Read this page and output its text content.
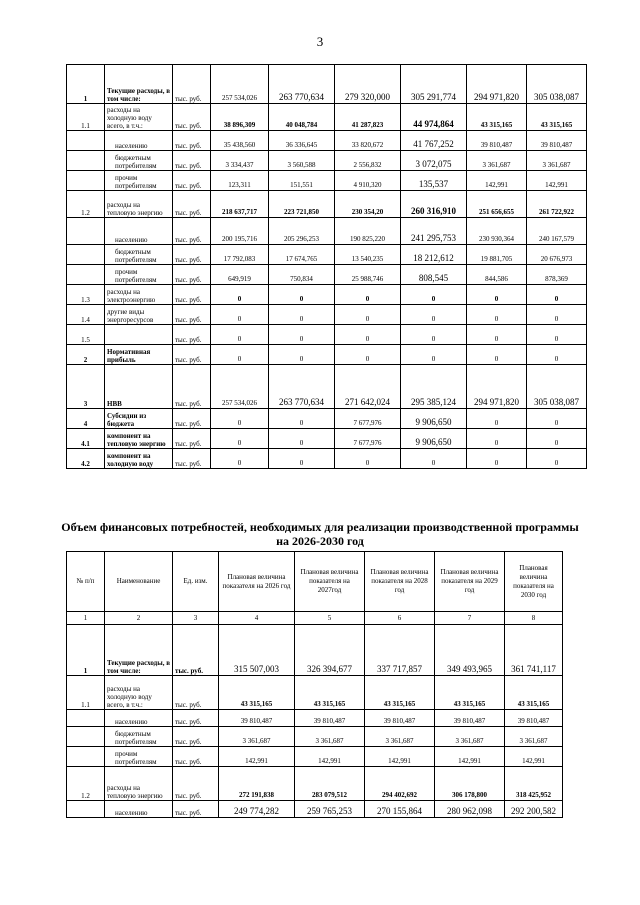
3
1	Текущие расходы, в том числе:	тыс. руб.	257 534,026	263 770,634	279 320,000	305 291,774	294 971,820	305 038,087
1.1	расходы на холодную воду всего, в т.ч.:	тыс. руб.	38 896,309	40 048,784	41 287,823	44 974,864	43 315,165	43 315,165
	населению	тыс. руб.	35 438,560	36 336,645	33 820,672	41 767,252	39 810,487	39 810,487
	бюджетным потребителям	тыс. руб.	3 334,437	3 560,588	2 556,832	3 072,075	3 361,687	3 361,687
	прочим потребителям	тыс. руб.	123,311	151,551	4 910,320	135,537	142,991	142,991
1.2	расходы на тепловую энергию	тыс. руб.	218 637,717	223 721,850	230 354,20	260 316,910	251 656,655	261 722,922
	населению	тыс. руб.	200 195,716	205 296,253	190 825,220	241 295,753	230 930,364	240 167,579
	бюджетным потребителям	тыс. руб.	17 792,083	17 674,765	13 540,235	18 212,612	19 881,705	20 676,973
	прочим потребителям	тыс. руб.	649,919	750,834	25 988,746	808,545	844,586	878,369
1.3	расходы на электроэнергию	тыс. руб.	0	0	0	0	0	0
1.4	другие виды энергоресурсов	тыс. руб.	0	0	0	0	0	0
1.5		тыс. руб.	0	0	0	0	0	0
2	Нормативная прибыль	тыс. руб.	0	0	0	0	0	0
3	НВВ	тыс. руб.	257 534,026	263 770,634	271 642,024	295 385,124	294 971,820	305 038,087
4	Субсидии из бюджета	тыс. руб.	0	0	7 677,976	9 906,650	0	0
4.1	компонент на тепловую энергию	тыс. руб.	0	0	7 677,976	9 906,650	0	0
4.2	компонент на холодную воду	тыс. руб.	0	0	0	0	0	0
Объем финансовых потребностей, необходимых для реализации производственной программы на 2026-2030 год
№ п/п	Наименование	Ед. изм.	Плановая величина показателя на 2026 год	Плановая величина показателя на 2027год	Плановая величина показателя на 2028 год	Плановая величина показателя на 2029 год	Плановая величина показателя на 2030 год
1	2	3	4	5	6	7	8
1	Текущие расходы, в том числе:	тыс. руб.	315 507,003	326 394,677	337 717,857	349 493,965	361 741,117
1.1	расходы на холодную воду всего, в т.ч.:	тыс. руб.	43 315,165	43 315,165	43 315,165	43 315,165	43 315,165
	населению	тыс. руб.	39 810,487	39 810,487	39 810,487	39 810,487	39 810,487
	бюджетным потребителям	тыс. руб.	3 361,687	3 361,687	3 361,687	3 361,687	3 361,687
	прочим потребителям	тыс. руб.	142,991	142,991	142,991	142,991	142,991
1.2	расходы на тепловую энергию	тыс. руб.	272 191,838	283 079,512	294 402,692	306 178,800	318 425,952
	населению	тыс. руб.	249 774,282	259 765,253	270 155,864	280 962,098	292 200,582
